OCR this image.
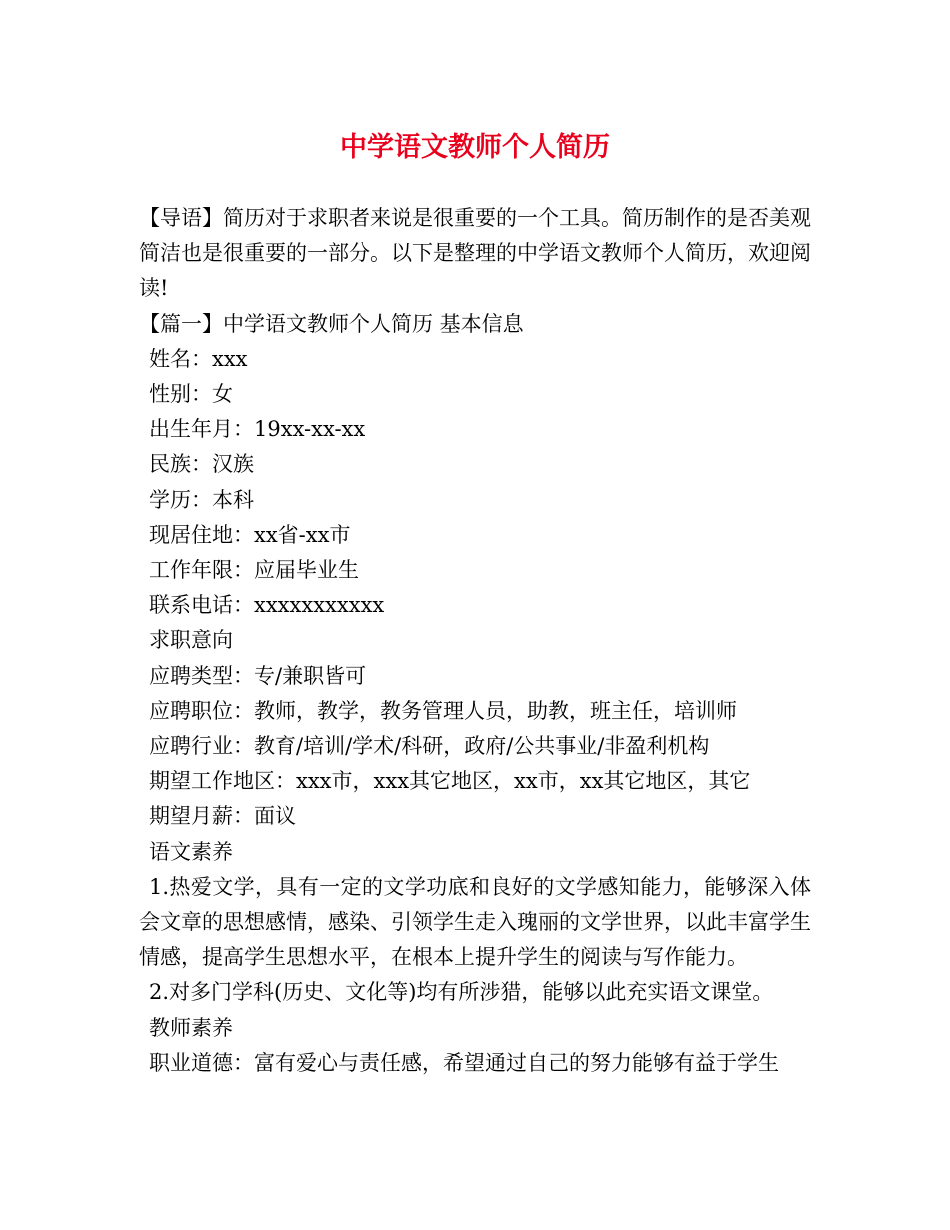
中学语文教师个人简历

【导语】简历对于求职者来说是很重要的一个工具。简历制作的是否美观简洁也是很重要的一部分。以下是整理的中学语文教师个人简历，欢迎阅读!

【篇一】中学语文教师个人简历 基本信息

姓名：xxx

性别：女

出生年月：19xx-xx-xx

民族：汉族

学历：本科

现居住地：xx省-xx市

工作年限：应届毕业生

联系电话：xxxxxxxxxxx

求职意向

应聘类型：专/兼职皆可

应聘职位：教师，教学，教务管理人员，助教，班主任，培训师

应聘行业：教育/培训/学术/科研，政府/公共事业/非盈利机构

期望工作地区：xxx市，xxx其它地区，xx市，xx其它地区，其它

期望月薪：面议

语文素养

1.热爱文学，具有一定的文学功底和良好的文学感知能力，能够深入体会文章的思想感情，感染、引领学生走入瑰丽的文学世界，以此丰富学生情感，提高学生思想水平，在根本上提升学生的阅读与写作能力。

2.对多门学科(历史、文化等)均有所涉猎，能够以此充实语文课堂。

教师素养

职业道德：富有爱心与责任感，希望通过自己的努力能够有益于学生
